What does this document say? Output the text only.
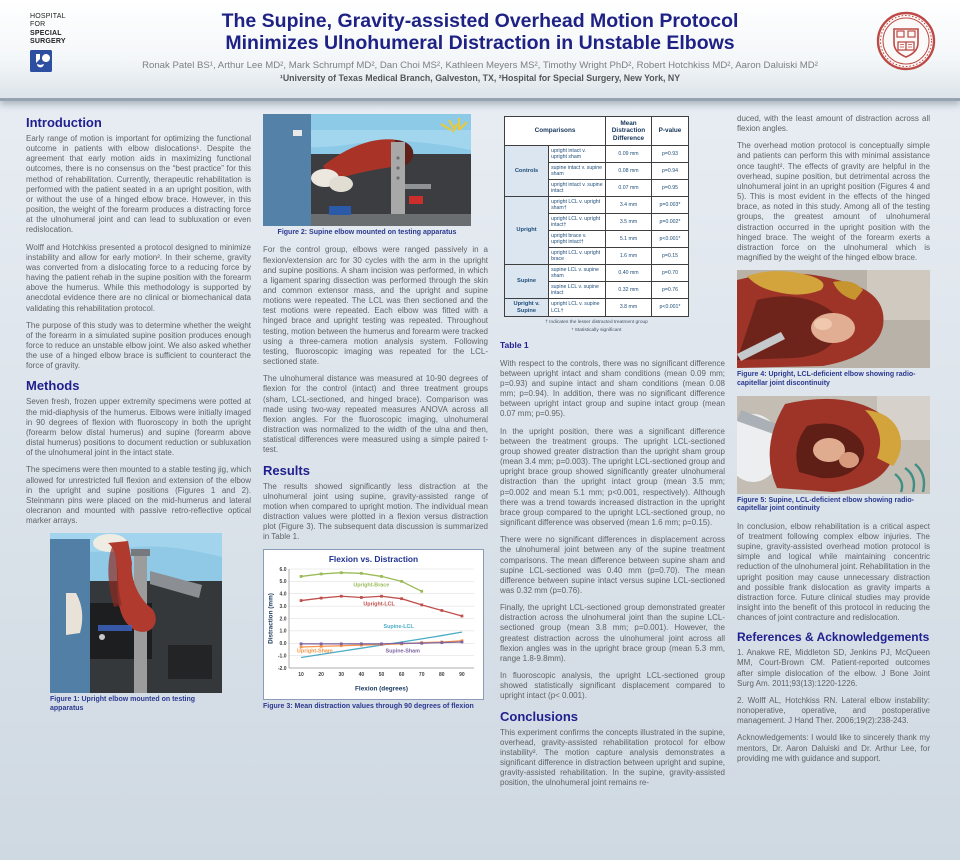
HOSPITAL
FOR
SPECIAL
SURGERY
The Supine, Gravity-assisted Overhead Motion Protocol
Minimizes Ulnohumeral Distraction in Unstable Elbows
Ronak Patel BS¹, Arthur Lee MD², Mark Schrumpf MD², Dan Choi MS², Kathleen Meyers MS², Timothy Wright PhD², Robert Hotchkiss MD², Aaron Daluiski MD²
¹University of Texas Medical Branch, Galveston, TX, ²Hospital for Special Surgery, New York, NY
Introduction

Early range of motion is important for optimizing the functional outcome in patients with elbow dislocations¹. Despite the agreement that early motion aids in maximizing functional outcomes, there is no consensus on the “best practice” for this method of rehabilitation. Currently, therapeutic rehabilitation is performed with the patient seated in a an upright position, with or without the use of a hinged elbow brace. However, in this position, the weight of the forearm produces a distracting force at the ulnohumeral joint and can lead to subluxation or even redislocation.

Wolff and Hotchkiss presented a protocol designed to minimize instability and allow for early motion². In their scheme, gravity was converted from a dislocating force to a reducing force by having the patient rehab in the supine position with the forearm above the humerus. While this methodology is supported by anecdotal evidence there are no clinical or biomechanical data validating this rehabilitation protocol.

The purpose of this study was to determine whether the weight of the forearm in a simulated supine position produces enough force to reduce an unstable elbow joint. We also asked whether the use of a hinged elbow brace is sufficient to counteract the force of gravity.

Methods

Seven fresh, frozen upper extremity specimens were potted at the mid-diaphysis of the humerus. Elbows were initially imaged in 90 degrees of flexion with fluoroscopy in both the upright (forearm below distal humerus) and supine (forearm above distal humerus) positions to document reduction or subluxation of the ulnohumeral joint in the intact state.

The specimens were then mounted to a stable testing jig, which allowed for unrestricted full flexion and extension of the elbow in the upright and supine positions (Figures 1 and 2). Steinmann pins were placed on the mid-humerus and lateral olecranon and mounted with passive retro-reflective optical marker arrays.

Figure 1: Upright elbow mounted on testing apparatus
Figure 2: Supine elbow mounted on testing apparatus

For the control group, elbows were ranged passively in a flexion/extension arc for 30 cycles with the arm in the upright and supine positions. A sham incision was performed, in which a ligament sparing dissection was performed through the skin and common extensor mass, and the upright and supine motions were repeated. The LCL was then sectioned and the test motions were repeated. Each elbow was fitted with a hinged brace and upright testing was repeated. Throughout testing, motion between the humerus and forearm were tracked using a three-camera motion analysis system. Following testing, fluoroscopic imaging was repeated for the LCL-sectioned state.

The ulnohumeral distance was measured at 10-90 degrees of flexion for the control (intact) and three treatment groups (sham, LCL-sectioned, and hinged brace). Comparison was made using two-way repeated measures ANOVA across all flexion angles. For the fluoroscopic imaging, ulnohumeral distraction was normalized to the width of the ulna and then, statistical differences were measured using a simple paired t-test.

Results

The results showed significantly less distraction at the ulnohumeral joint using supine, gravity-assisted range of motion when compared to upright motion. The individual mean distraction values were plotted in a flexion versus distraction plot (Figure 3). The subsequent data discussion is summarized in Table 1.

Flexion vs. Distraction
-2.0
-1.0
0.0
1.0
2.0
3.0
4.0
5.0
6.0
10	20	30	40	50	60	70	80	90
Flexion (degrees)
Distraction (mm)
Upright-Brace
Upright-LCL
Supine-LCL
Upright-Sham	Supine-Sham
Figure 3: Mean distraction values through 90 degrees of flexion
Comparisons		Mean Distraction Difference	P-value
Controls	upright intact v. upright sham	0.09 mm	p=0.93
	supine intact v. supine sham	0.08 mm	p=0.94
	upright intact v. supine intact	0.07 mm	p=0.95
Upright	upright LCL v. upright sham†	3.4 mm	p=0.003*
	upright LCL v. upright intact†	3.5 mm	p=0.002*
	upright brace v. upright intact†	5.1 mm	p<0.001*
	upright LCL v. upright brace	1.6 mm	p=0.15
Supine	supine LCL v. supine sham	0.40 mm	p=0.70
	supine LCL v. supine intact	0.32 mm	p=0.76
Upright v. Supine	upright LCL v. supine LCL†	3.8 mm	p<0.001*
† Indicates the lesser distracted treatment group
* Statistically significant
Table 1

With respect to the controls, there was no significant difference between upright intact and sham conditions (mean 0.09 mm; p=0.93) and supine intact and sham conditions (mean 0.08 mm; p=0.94). In addition, there was no significant difference between upright intact group and supine intact group (mean 0.07 mm; p=0.95).

In the upright position, there was a significant difference between the treatment groups. The upright LCL-sectioned group showed greater distraction than the upright sham group (mean 3.4 mm; p=0.003). The upright LCL-sectioned group and upright brace group showed significantly greater ulnohumeral distraction than the upright intact group (mean 3.5 mm; p=0.002 and mean 5.1 mm; p<0.001, respectively). Although there was a trend towards increased distraction in the upright brace group compared to the upright LCL-sectioned group, no significant difference was observed (mean 1.6 mm; p=0.15).

There were no significant differences in displacement across the ulnohumeral joint between any of the supine treatment comparisons. The mean difference between supine sham and supine LCL-sectioned was 0.40 mm (p=0.70). The mean difference between supine intact versus supine LCL-sectioned was 0.32 mm (p=0.76).

Finally, the upright LCL-sectioned group demonstrated greater distraction across the ulnohumeral joint than the supine LCL-sectioned group (mean 3.8 mm; p=0.001). However, the greatest distraction across the ulnohumeral joint across all flexion angles was in the upright brace group (mean 5.3 mm, range 1.8-9.8mm).

In fluoroscopic analysis, the upright LCL-sectioned group showed statistically significant displacement compared to upright intact (p< 0.001).

Conclusions

This experiment confirms the concepts illustrated in the supine, overhead, gravity-assisted rehabilitation protocol for elbow instability². The motion capture analysis demonstrates a significant difference in distraction between upright and supine, gravity-assisted rehabilitation. In the supine, gravity-assisted position, the ulnohumeral joint remains re-

duced, with the least amount of distraction across all flexion angles.

The overhead motion protocol is conceptually simple and patients can perform this with minimal assistance once taught². The effects of gravity are helpful in the overhead, supine position, but detrimental across the ulnohumeral joint in an upright position (Figures 4 and 5). This is most evident in the effects of the hinged brace, as noted in this study. Among all of the testing groups, the greatest amount of ulnohumeral distraction occurred in the upright position with the hinged brace. The weight of the forearm exerts a distraction force on the ulnohumeral which is magnified by the weight of the hinged elbow brace.

Figure 4: Upright, LCL-deficient elbow showing radio-capitellar joint discontinuity
Figure 5: Supine, LCL-deficient elbow showing radio-capitellar joint continuity

In conclusion, elbow rehabilitation is a critical aspect of treatment following complex elbow injuries. The supine, gravity-assisted overhead motion protocol is simple and logical while maintaining concentric reduction of the ulnohumeral joint. Rehabilitation in the upright position may cause unnecessary distraction and possible frank dislocation as gravity imparts a distraction force. Future clinical studies may provide insight into the benefit of this protocol in reducing the chances of joint contracture and redislocation.

References & Acknowledgements

1. Anakwe RE, Middleton SD, Jenkins PJ, McQueen MM, Court-Brown CM. Patient-reported outcomes after simple dislocation of the elbow. J Bone Joint Surg Am. 2011;93(13):1220-1226.

2. Wolff AL, Hotchkiss RN. Lateral elbow instability: nonoperative, operative, and postoperative management. J Hand Ther. 2006;19(2):238-243.

Acknowledgements: I would like to sincerely thank my mentors, Dr. Aaron Daluiski and Dr. Arthur Lee, for providing me with guidance and support.
